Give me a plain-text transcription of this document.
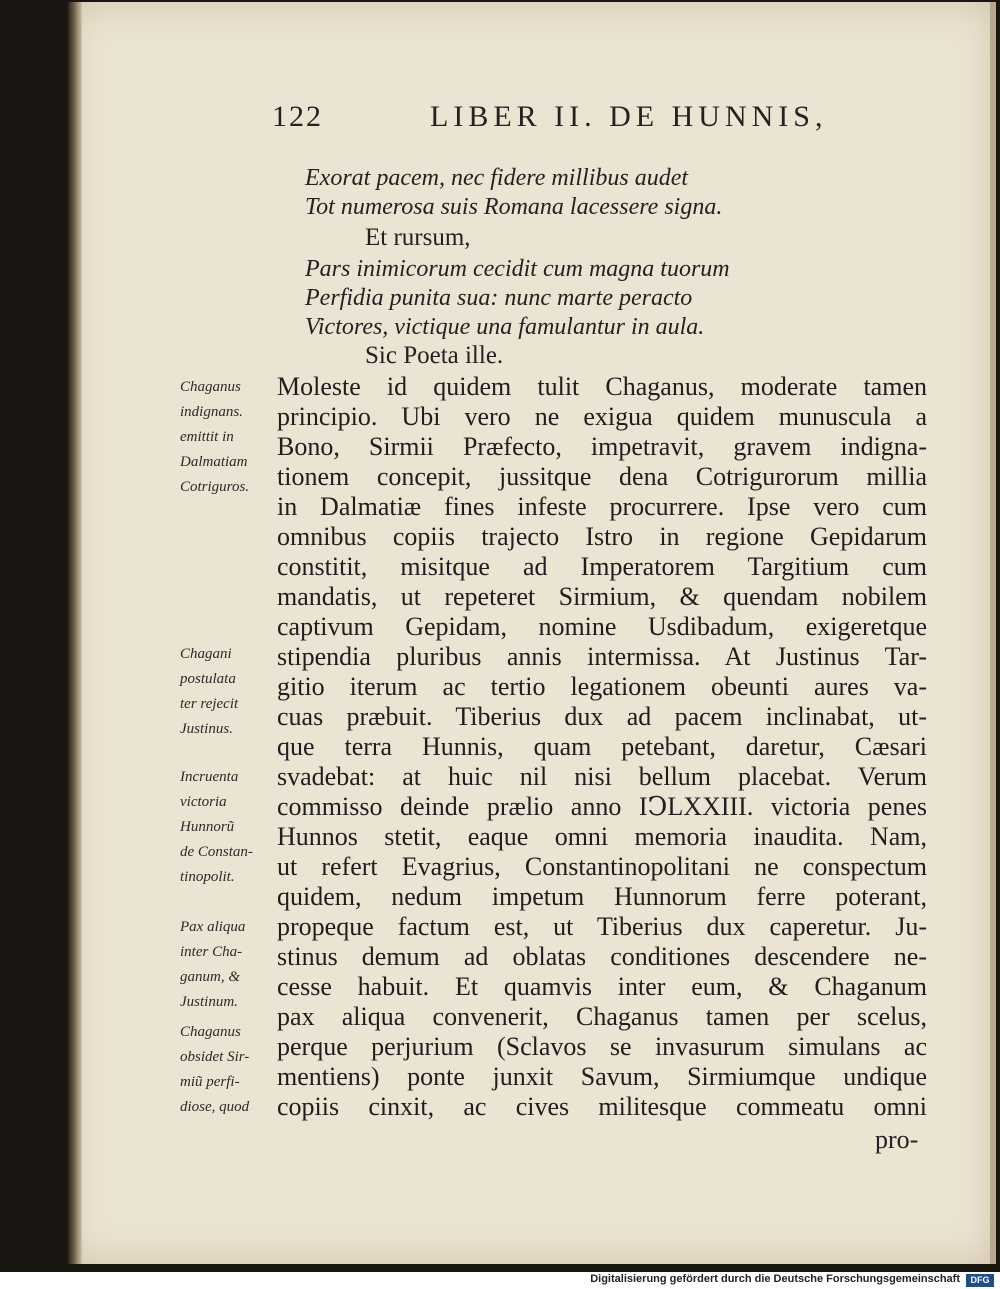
122	LIBER II. DE HUNNIS,
Exorat pacem, nec fidere millibus audet
Tot numerosa suis Romana lacessere signa.
Et rursum,
Pars inimicorum cecidit cum magna tuorum
Perfidia punita sua: nunc marte peracto
Victores, victique una famulantur in aula.
Sic Poeta ille.
Moleste id quidem tulit Chaganus, moderate tamen
principio. Ubi vero ne exigua quidem munuscula a
Bono, Sirmii Præfecto, impetravit, gravem indigna-
tionem concepit, jussitque dena Cotrigurorum millia
in Dalmatiæ fines infeste procurrere. Ipse vero cum
omnibus copiis trajecto Istro in regione Gepidarum
constitit, misitque ad Imperatorem Targitium cum
mandatis, ut repeteret Sirmium, & quendam nobilem
captivum Gepidam, nomine Usdibadum, exigeretque
stipendia pluribus annis intermissa. At Justinus Tar-
gitio iterum ac tertio legationem obeunti aures va-
cuas præbuit. Tiberius dux ad pacem inclinabat, ut-
que terra Hunnis, quam petebant, daretur, Cæsari
svadebat: at huic nil nisi bellum placebat. Verum
commisso deinde prælio anno IↃLXXIII. victoria penes
Hunnos stetit, eaque omni memoria inaudita. Nam,
ut refert Evagrius, Constantinopolitani ne conspectum
quidem, nedum impetum Hunnorum ferre poterant,
propeque factum est, ut Tiberius dux caperetur. Ju-
stinus demum ad oblatas conditiones descendere ne-
cesse habuit. Et quamvis inter eum, & Chaganum
pax aliqua convenerit, Chaganus tamen per scelus,
perque perjurium (Sclavos se invasurum simulans ac
mentiens) ponte junxit Savum, Sirmiumque undique
copiis cinxit, ac cives militesque commeatu omni
pro-
Chaganus
indignans.
emittit in
Dalmatiam
Cotriguros.
Chagani
postulata
ter rejecit
Justinus.
Incruenta
victoria
Hunnorũ
de Constan-
tinopolit.
Pax aliqua
inter Cha-
ganum, &
Justinum.
Chaganus
obsidet Sir-
miũ perfi-
diose, quod
Digitalisierung gefördert durch die Deutsche Forschungsgemeinschaft	DFG
